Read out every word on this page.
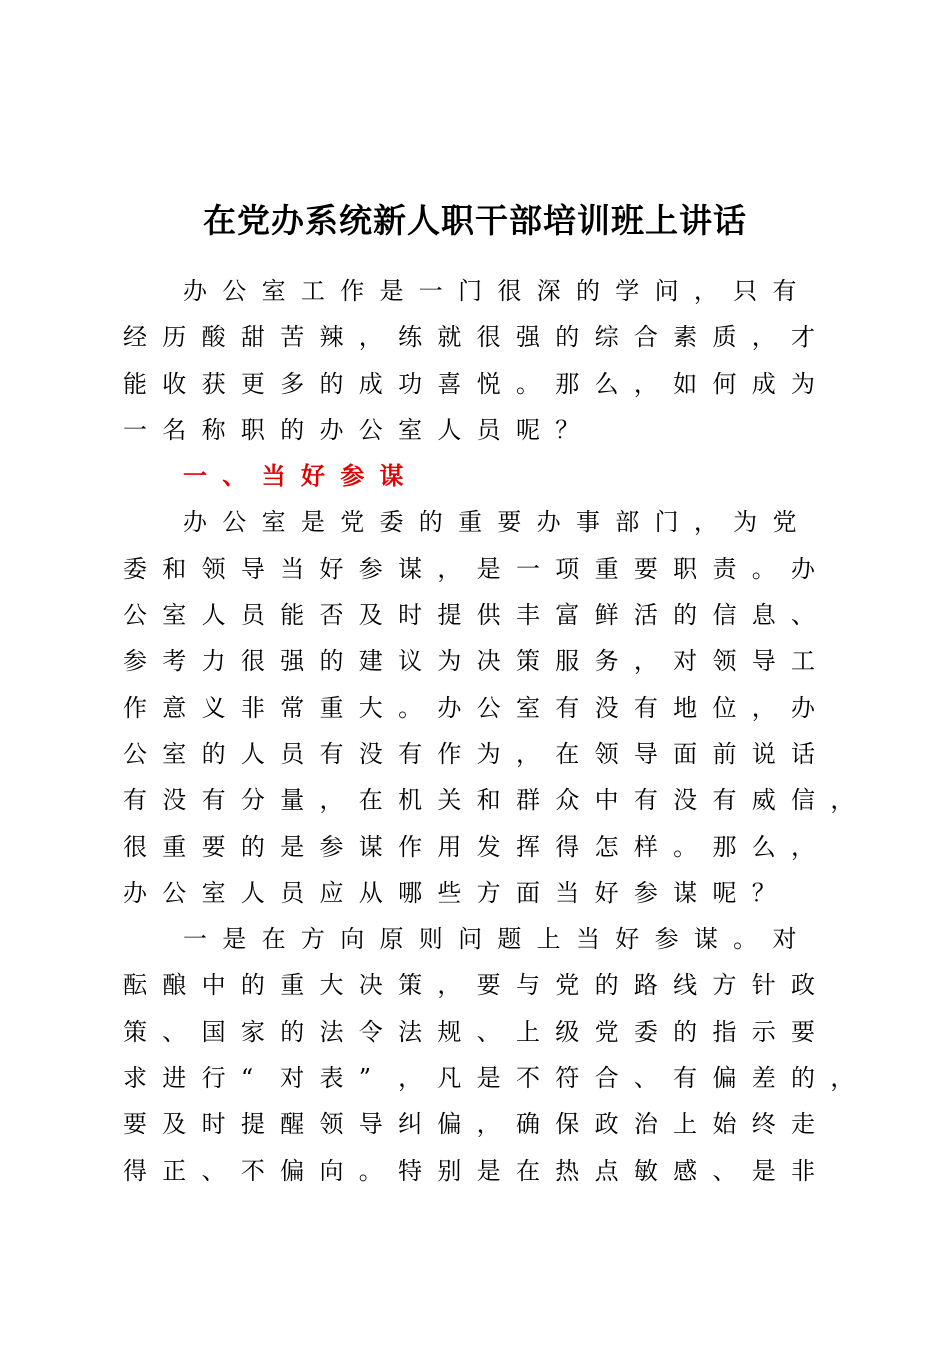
在党办系统新人职干部培训班上讲话
办 公 室 工 作 是 一 门 很 深 的 学 问 ， 只 有
经 历 酸 甜 苦 辣 ， 练 就 很 强 的 综 合 素 质 ， 才
能 收 获 更 多 的 成 功 喜 悦 。 那 么 ， 如 何 成 为
一 名 称 职 的 办 公 室 人 员 呢 ？
一 、 当 好 参 谋
办 公 室 是 党 委 的 重 要 办 事 部 门 ， 为 党
委 和 领 导 当 好 参 谋 ， 是 一 项 重 要 职 责 。 办
公 室 人 员 能 否 及 时 提 供 丰 富 鲜 活 的 信 息 、
参 考 力 很 强 的 建 议 为 决 策 服 务 ， 对 领 导 工
作 意 义 非 常 重 大 。 办 公 室 有 没 有 地 位 ， 办
公 室 的 人 员 有 没 有 作 为 ， 在 领 导 面 前 说 话
有 没 有 分 量 ， 在 机 关 和 群 众 中 有 没 有 威 信 ，
很 重 要 的 是 参 谋 作 用 发 挥 得 怎 样 。 那 么 ，
办 公 室 人 员 应 从 哪 些 方 面 当 好 参 谋 呢 ？
一 是 在 方 向 原 则 问 题 上 当 好 参 谋 。 对
酝 酿 中 的 重 大 决 策 ， 要 与 党 的 路 线 方 针 政
策 、 国 家 的 法 令 法 规 、 上 级 党 委 的 指 示 要
求 进 行 “ 对 表 ” ， 凡 是 不 符 合 、 有 偏 差 的 ，
要 及 时 提 醒 领 导 纠 偏 ， 确 保 政 治 上 始 终 走
得 正 、 不 偏 向 。 特 别 是 在 热 点 敏 感 、 是 非
